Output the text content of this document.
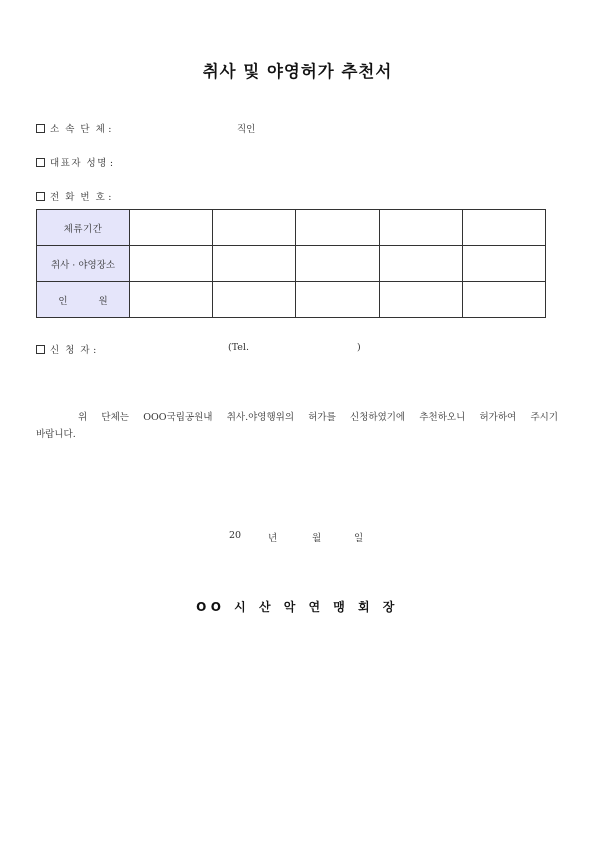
취사 및 야영허가 추천서
소 속 단 체 :	직인
대표자 성명 :
전 화 번 호 :
체류기간					
취사 · 야영장소					
인 원					
신 청 자 :	(Tel.	)
위 단체는 OOO국립공원내 취사.야영행위의 허가를 신청하였기에 추천하오니 허가하여 주시기
바랍니다.
20	년	월	일
OO 시 산 악 연 맹 회 장
